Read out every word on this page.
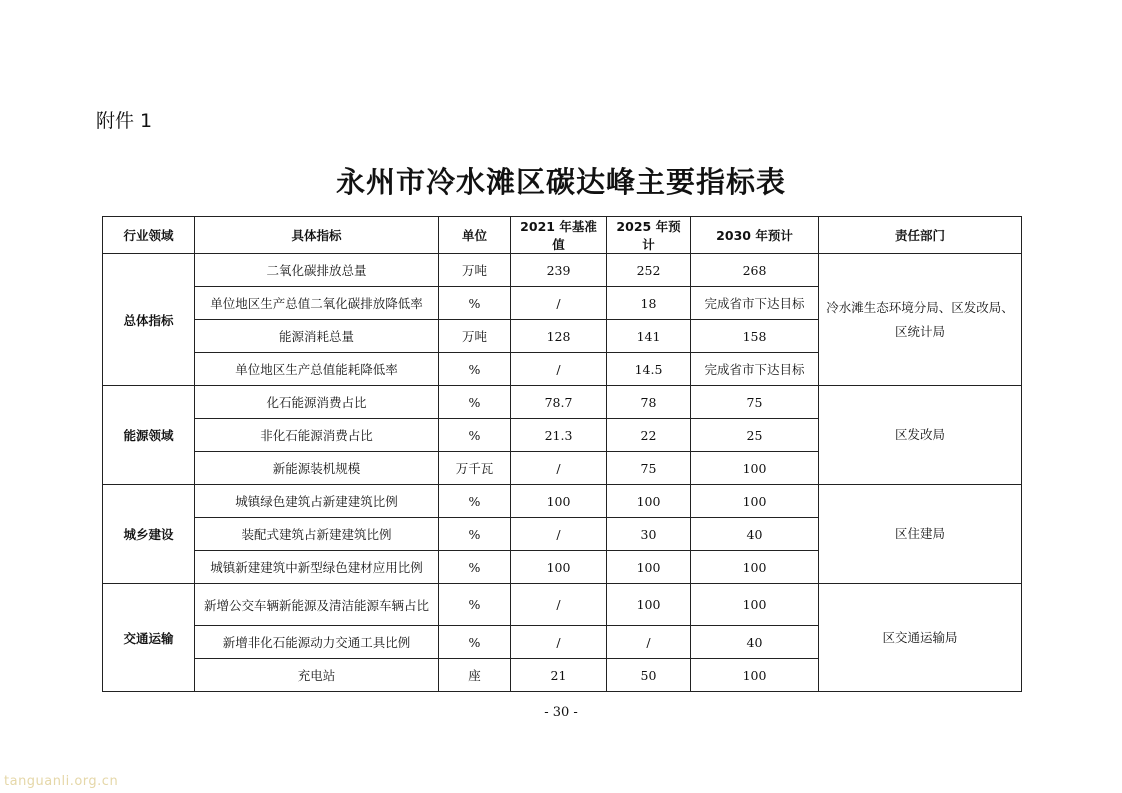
附件 1
永州市冷水滩区碳达峰主要指标表
行业领域	具体指标	单位	2021 年基准值	2025 年预计	2030 年预计	责任部门
总体指标	二氧化碳排放总量	万吨	239	252	268	冷水滩生态环境分局、区发改局、区统计局
	单位地区生产总值二氧化碳排放降低率	%	/	18	完成省市下达目标	
	能源消耗总量	万吨	128	141	158	
	单位地区生产总值能耗降低率	%	/	14.5	完成省市下达目标	
能源领域	化石能源消费占比	%	78.7	78	75	区发改局
	非化石能源消费占比	%	21.3	22	25	
	新能源装机规模	万千瓦	/	75	100	
城乡建设	城镇绿色建筑占新建建筑比例	%	100	100	100	区住建局
	装配式建筑占新建建筑比例	%	/	30	40	
	城镇新建建筑中新型绿色建材应用比例	%	100	100	100	
交通运输	新增公交车辆新能源及清洁能源车辆占比	%	/	100	100	区交通运输局
	新增非化石能源动力交通工具比例	%	/	/	40	
	充电站	座	21	50	100	
- 30 -
tanguanli.org.cn
